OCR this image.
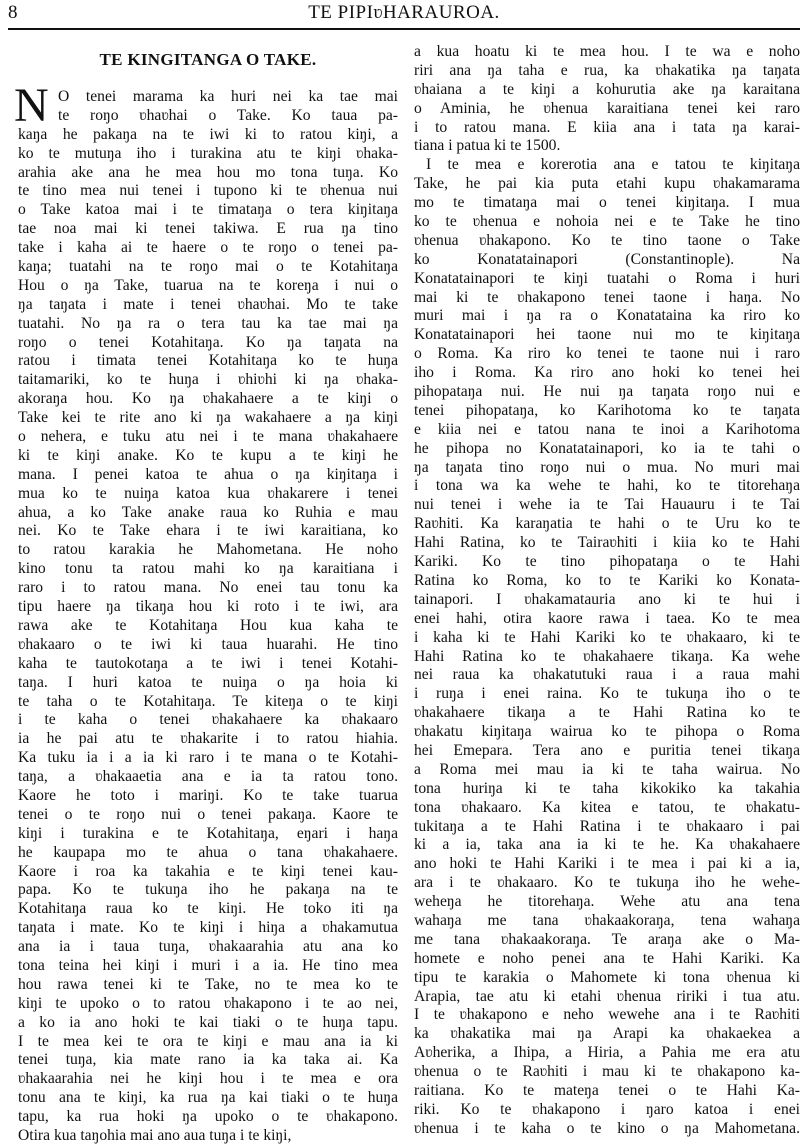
8	TE PIPIʋHARAUROA.
TE KINGITANGA O TAKE.
N O tenei marama ka huri nei ka tae mai
te roŋo ʋhaʋhai o Take. Ko taua pa-
kaŋa he pakaŋa na te iwi ki to ratou kiŋi, a
ko te mutuŋa iho i turakina atu te kiŋi ʋhaka-
arahia ake ana he mea hou mo tona tuŋa. Ko
te tino mea nui tenei i tupono ki te ʋhenua nui
o Take katoa mai i te timataŋa o tera kiŋitaŋa
tae noa mai ki tenei takiwa. E rua ŋa tino
take i kaha ai te haere o te roŋo o tenei pa-
kaŋa; tuatahi na te roŋo mai o te Kotahitaŋa
Hou o ŋa Take, tuarua na te koreŋa i nui o
ŋa taŋata i mate i tenei ʋhaʋhai. Mo te take
tuatahi. No ŋa ra o tera tau ka tae mai ŋa
roŋo o tenei Kotahitaŋa. Ko ŋa taŋata na
ratou i timata tenei Kotahitaŋa ko te huŋa
taitamariki, ko te huŋa i ʋhiʋhi ki ŋa ʋhaka-
akoraŋa hou. Ko ŋa ʋhakahaere a te kiŋi o
Take kei te rite ano ki ŋa wakahaere a ŋa kiŋi
o nehera, e tuku atu nei i te mana ʋhakahaere
ki te kiŋi anake. Ko te kupu a te kiŋi he
mana. I penei katoa te ahua o ŋa kiŋitaŋa i
mua ko te nuiŋa katoa kua ʋhakarere i tenei
ahua, a ko Take anake raua ko Ruhia e mau
nei. Ko te Take ehara i te iwi karaitiana, ko
to ratou karakia he Mahometana. He noho
kino tonu ta ratou mahi ko ŋa karaitiana i
raro i to ratou mana. No enei tau tonu ka
tipu haere ŋa tikaŋa hou ki roto i te iwi, ara
rawa ake te Kotahitaŋa Hou kua kaha te
ʋhakaaro o te iwi ki taua huarahi. He tino
kaha te tautokotaŋa a te iwi i tenei Kotahi-
taŋa. I huri katoa te nuiŋa o ŋa hoia ki
te taha o te Kotahitaŋa. Te kiteŋa o te kiŋi
i te kaha o tenei ʋhakahaere ka ʋhakaaro
ia he pai atu te ʋhakarite i to ratou hiahia.
Ka tuku ia i a ia ki raro i te mana o te Kotahi-
taŋa, a ʋhakaaetia ana e ia ta ratou tono.
Kaore he toto i mariŋi. Ko te take tuarua
tenei o te roŋo nui o tenei pakaŋa. Kaore te
kiŋi i turakina e te Kotahitaŋa, eŋari i haŋa
he kaupapa mo te ahua o tana ʋhakahaere.
Kaore i roa ka takahia e te kiŋi tenei kau-
papa. Ko te tukuŋa iho he pakaŋa na te
Kotahitaŋa raua ko te kiŋi. He toko iti ŋa
taŋata i mate. Ko te kiŋi i hiŋa a ʋhakamutua
ana ia i taua tuŋa, ʋhakaarahia atu ana ko
tona teina hei kiŋi i muri i a ia. He tino mea
hou rawa tenei ki te Take, no te mea ko te
kiŋi te upoko o to ratou ʋhakapono i te ao nei,
a ko ia ano hoki te kai tiaki o te huŋa tapu.
I te mea kei te ora te kiŋi e mau ana ia ki
tenei tuŋa, kia mate rano ia ka taka ai. Ka
ʋhakaarahia nei he kiŋi hou i te mea e ora
tonu ana te kiŋi, ka rua ŋa kai tiaki o te huŋa
tapu, ka rua hoki ŋa upoko o te ʋhakapono.
Otira kua taŋohia mai ano aua tuŋa i te kiŋi,
a kua hoatu ki te mea hou. I te wa e noho
riri ana ŋa taha e rua, ka ʋhakatika ŋa taŋata
ʋhaiana a te kiŋi a kohurutia ake ŋa karaitana
o Aminia, he ʋhenua karaitiana tenei kei raro
i to ratou mana. E kiia ana i tata ŋa karai-
tiana i patua ki te 1500.
I te mea e korerotia ana e tatou te kiŋitaŋa
Take, he pai kia puta etahi kupu ʋhakamarama
mo te timataŋa mai o tenei kiŋitaŋa. I mua
ko te ʋhenua e nohoia nei e te Take he tino
ʋhenua ʋhakapono. Ko te tino taone o Take
ko Konatatainapori (Constantinople). Na
Konatatainapori te kiŋi tuatahi o Roma i huri
mai ki te ʋhakapono tenei taone i haŋa. No
muri mai i ŋa ra o Konatataina ka riro ko
Konatatainapori hei taone nui mo te kiŋitaŋa
o Roma. Ka riro ko tenei te taone nui i raro
iho i Roma. Ka riro ano hoki ko tenei hei
pihopataŋa nui. He nui ŋa taŋata roŋo nui e
tenei pihopataŋa, ko Karihotoma ko te taŋata
e kiia nei e tatou nana te inoi a Karihotoma
he pihopa no Konatatainapori, ko ia te tahi o
ŋa taŋata tino roŋo nui o mua. No muri mai
i tona wa ka wehe te hahi, ko te titorehaŋa
nui tenei i wehe ia te Tai Hauauru i te Tai
Raʋhiti. Ka karaŋatia te hahi o te Uru ko te
Hahi Ratina, ko te Tairaʋhiti i kiia ko te Hahi
Kariki. Ko te tino pihopataŋa o te Hahi
Ratina ko Roma, ko to te Kariki ko Konata-
tainapori. I ʋhakamatauria ano ki te hui i
enei hahi, otira kaore rawa i taea. Ko te mea
i kaha ki te Hahi Kariki ko te ʋhakaaro, ki te
Hahi Ratina ko te ʋhakahaere tikaŋa. Ka wehe
nei raua ka ʋhakatutuki raua i a raua mahi
i ruŋa i enei raina. Ko te tukuŋa iho o te
ʋhakahaere tikaŋa a te Hahi Ratina ko te
ʋhakatu kiŋitaŋa wairua ko te pihopa o Roma
hei Emepara. Tera ano e puritia tenei tikaŋa
a Roma mei mau ia ki te taha wairua. No
tona huriŋa ki te taha kikokiko ka takahia
tona ʋhakaaro. Ka kitea e tatou, te ʋhakatu-
tukitaŋa a te Hahi Ratina i te ʋhakaaro i pai
ki a ia, taka ana ia ki te he. Ka ʋhakahaere
ano hoki te Hahi Kariki i te mea i pai ki a ia,
ara i te ʋhakaaro. Ko te tukuŋa iho he wehe-
weheŋa he titorehaŋa. Wehe atu ana tena
wahaŋa me tana ʋhakaakoraŋa, tena wahaŋa
me tana ʋhakaakoraŋa. Te araŋa ake o Ma-
homete e noho penei ana te Hahi Kariki. Ka
tipu te karakia o Mahomete ki tona ʋhenua ki
Arapia, tae atu ki etahi ʋhenua ririki i tua atu.
I te ʋhakapono e neho wewehe ana i te Raʋhiti
ka ʋhakatika mai ŋa Arapi ka ʋhakaekea a
Aʋherika, a Ihipa, a Hiria, a Pahia me era atu
ʋhenua o te Raʋhiti i mau ki te ʋhakapono ka-
raitiana. Ko te mateŋa tenei o te Hahi Ka-
riki. Ko te ʋhakapono i ŋaro katoa i enei
ʋhenua i te kaha o te kino o ŋa Mahometana.
